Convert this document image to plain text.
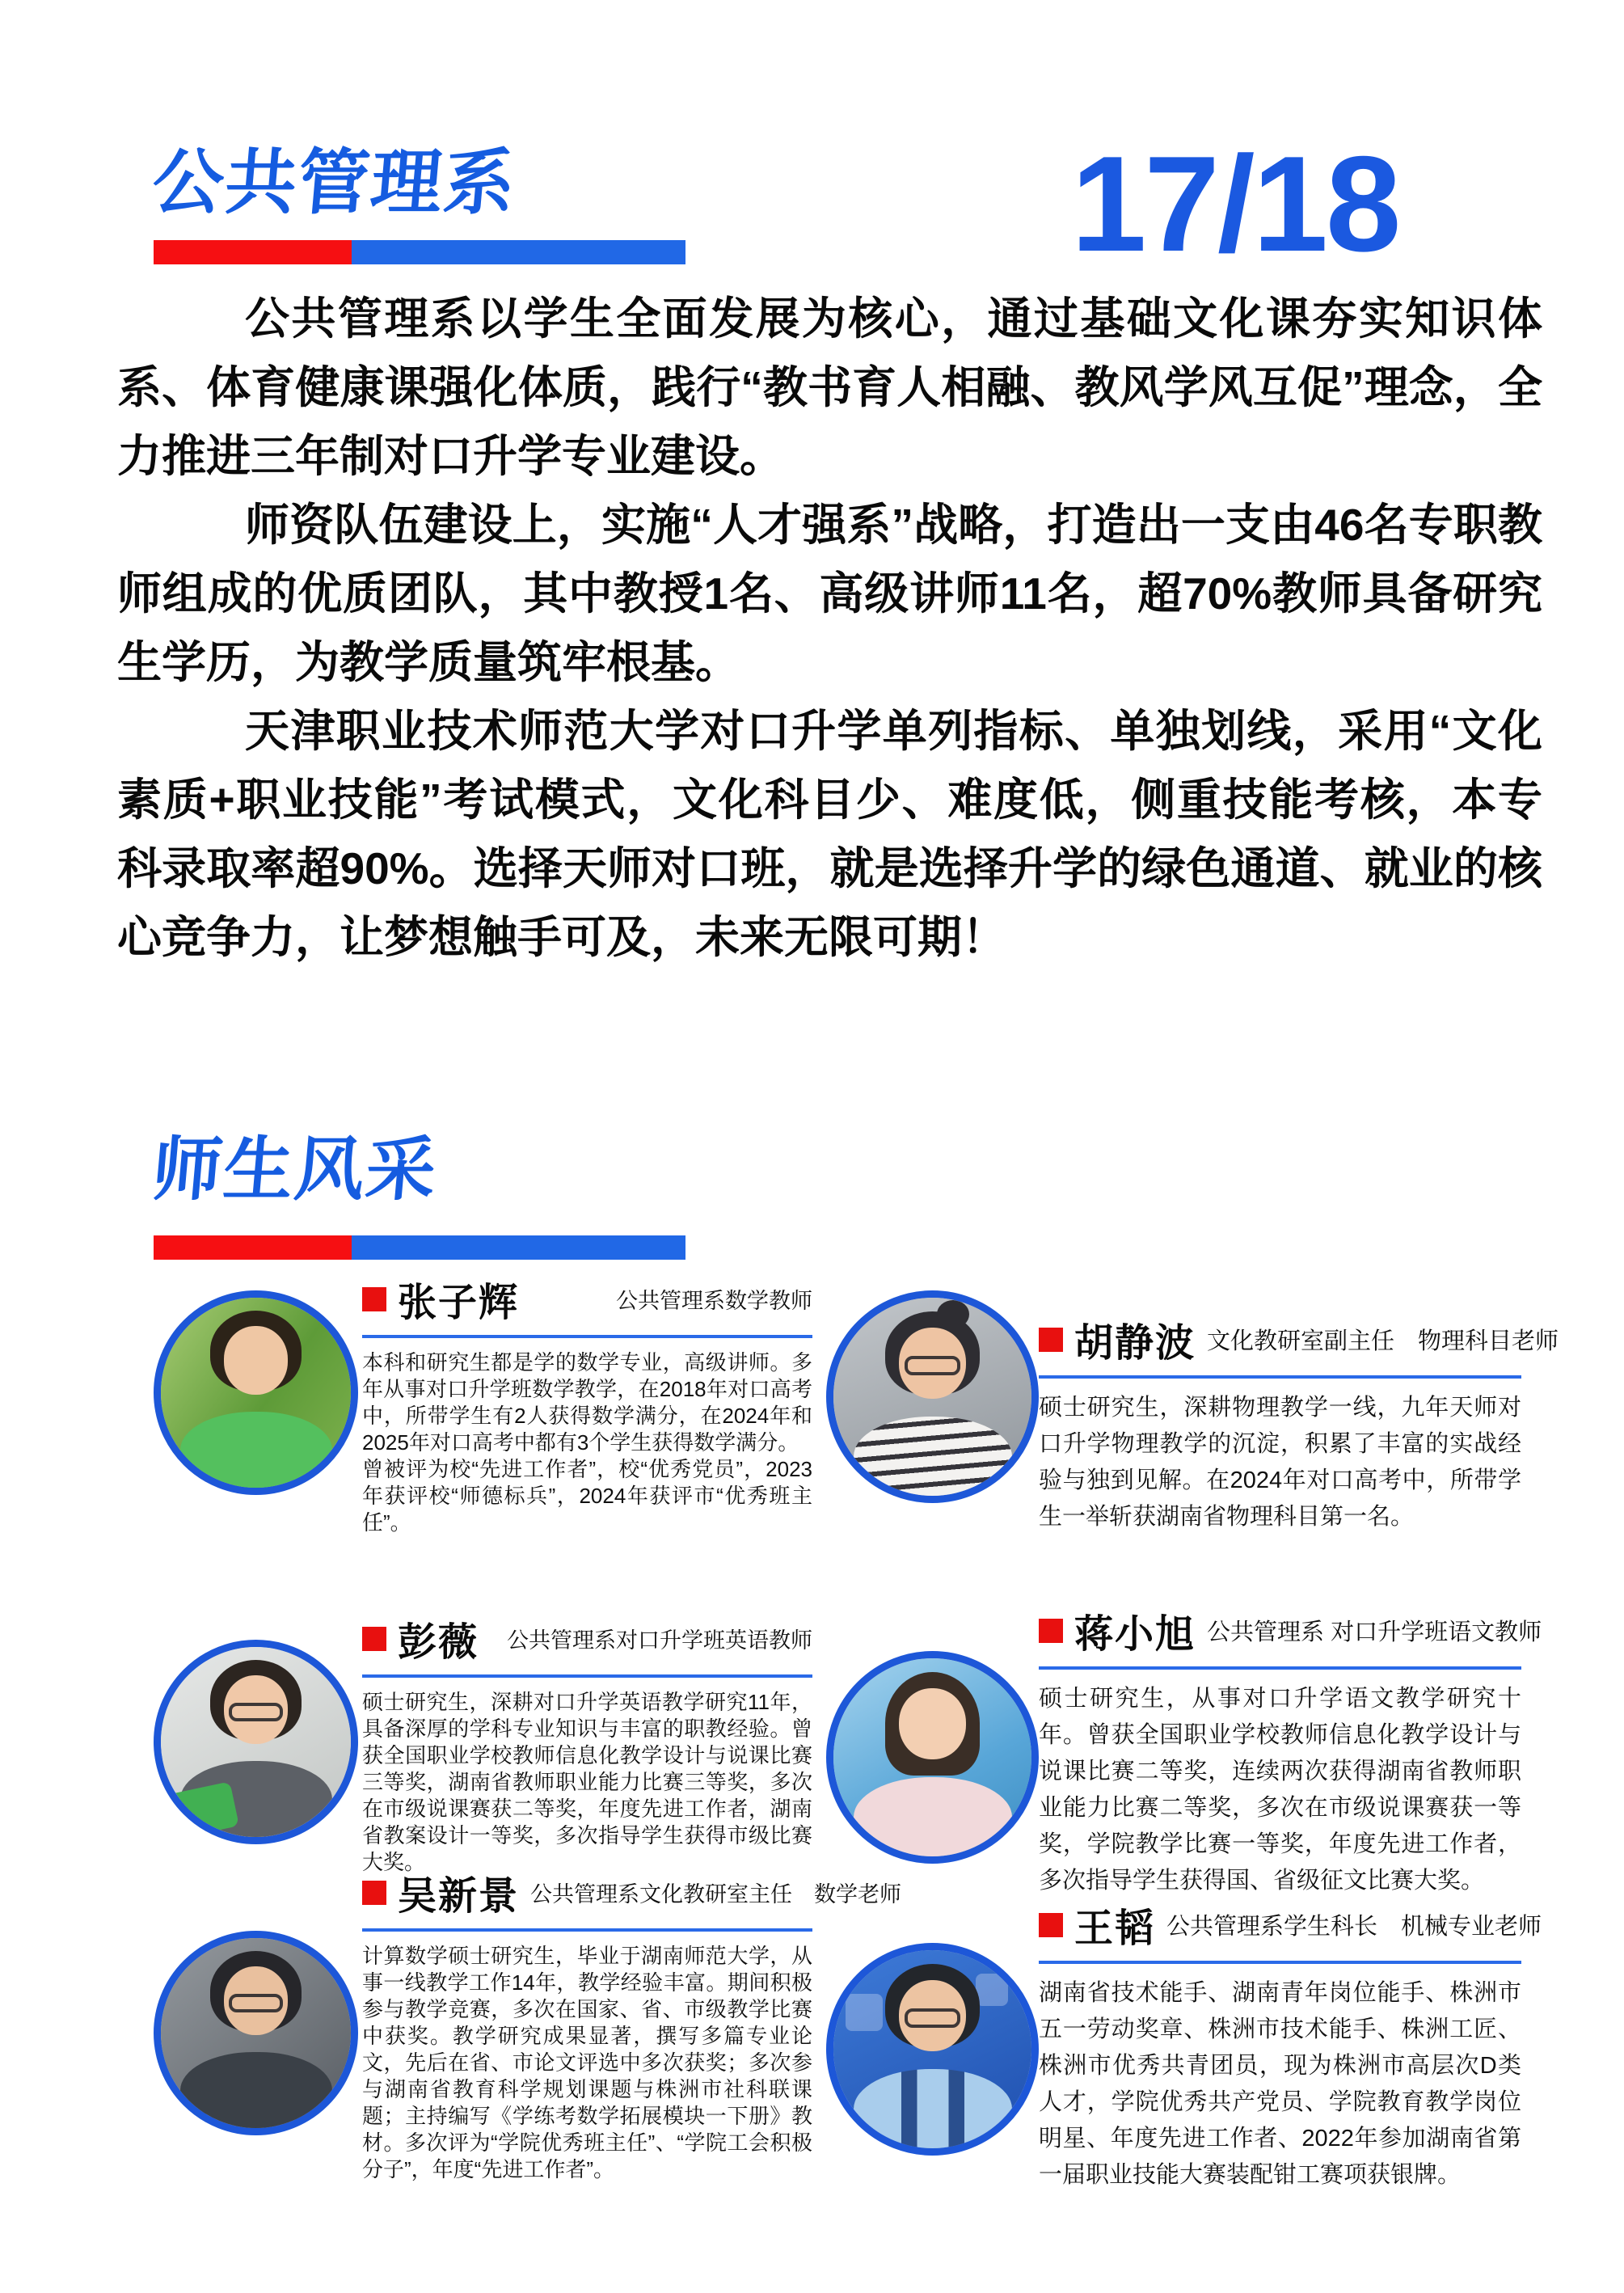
公共管理系	17/18

公共管理系以学生全面发展为核心，通过基础文化课夯实知识体系、体育健康课强化体质，践行“教书育人相融、教风学风互促”理念，全力推进三年制对口升学专业建设。

师资队伍建设上，实施“人才强系”战略，打造出一支由46名专职教师组成的优质团队，其中教授1名、高级讲师11名，超70%教师具备研究生学历，为教学质量筑牢根基。

天津职业技术师范大学对口升学单列指标、单独划线，采用“文化素质+职业技能”考试模式，文化科目少、难度低，侧重技能考核，本专科录取率超90%。选择天师对口班，就是选择升学的绿色通道、就业的核心竞争力，让梦想触手可及，未来无限可期！

师生风采
张子辉	公共管理系数学教师

本科和研究生都是学的数学专业，高级讲师。多年从事对口升学班数学教学，在2018年对口高考中，所带学生有2人获得数学满分，在2024年和2025年对口高考中都有3个学生获得数学满分。

曾被评为校“先进工作者”，校“优秀党员”，2023年获评校“师德标兵”，2024年获评市“优秀班主任”。

胡静波 文化教研室副主任　物理科目老师

硕士研究生，深耕物理教学一线，九年天师对口升学物理教学的沉淀，积累了丰富的实战经验与独到见解。在2024年对口高考中，所带学生一举斩获湖南省物理科目第一名。

彭薇 公共管理系对口升学班英语教师

硕士研究生，深耕对口升学英语教学研究11年，具备深厚的学科专业知识与丰富的职教经验。曾获全国职业学校教师信息化教学设计与说课比赛三等奖，湖南省教师职业能力比赛三等奖，多次在市级说课赛获二等奖，年度先进工作者，湖南省教案设计一等奖，多次指导学生获得市级比赛大奖。

蒋小旭 公共管理系 对口升学班语文教师

硕士研究生，从事对口升学语文教学研究十年。曾获全国职业学校教师信息化教学设计与说课比赛二等奖，连续两次获得湖南省教师职业能力比赛二等奖，多次在市级说课赛获一等奖，学院教学比赛一等奖，年度先进工作者，多次指导学生获得国、省级征文比赛大奖。

吴新景 公共管理系文化教研室主任　数学老师

计算数学硕士研究生，毕业于湖南师范大学，从事一线教学工作14年，教学经验丰富。期间积极参与教学竞赛，多次在国家、省、市级教学比赛中获奖。教学研究成果显著，撰写多篇专业论文，先后在省、市论文评选中多次获奖；多次参与湖南省教育科学规划课题与株洲市社科联课题；主持编写《学练考数学拓展模块一下册》教材。多次评为“学院优秀班主任”、“学院工会积极分子”，年度“先进工作者”。

王韬 公共管理系学生科长　机械专业老师

湖南省技术能手、湖南青年岗位能手、株洲市五一劳动奖章、株洲市技术能手、株洲工匠、株洲市优秀共青团员，现为株洲市高层次D类人才，学院优秀共产党员、学院教育教学岗位明星、年度先进工作者、2022年参加湖南省第一届职业技能大赛装配钳工赛项获银牌。
